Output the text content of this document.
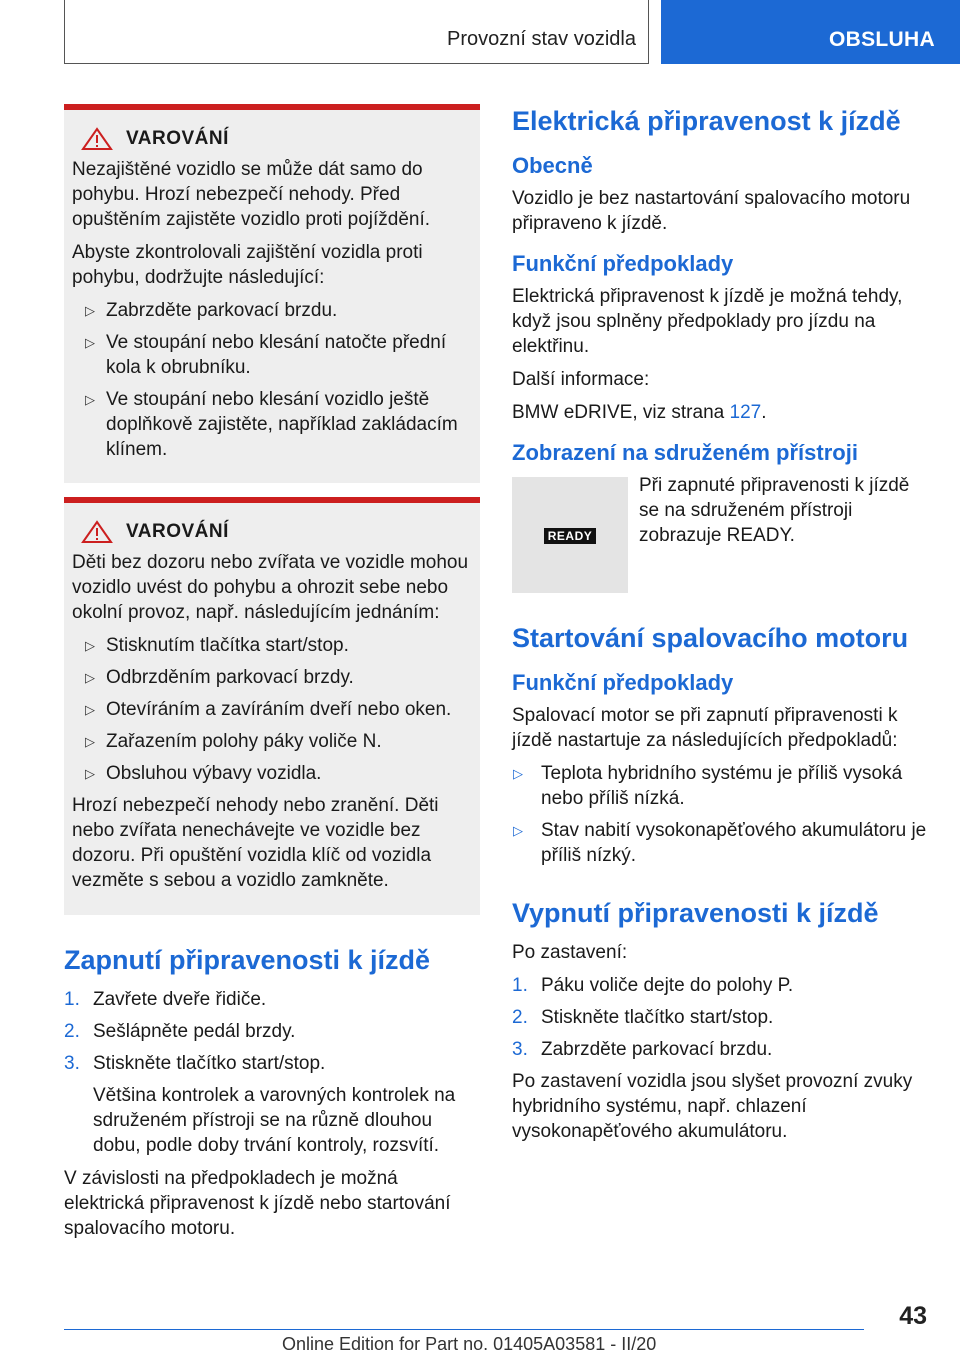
Provozní stav vozidla	OBSLUHA
VAROVÁNÍ

Nezajištěné vozidlo se může dát samo do pohybu. Hrozí nebezpečí nehody. Před opuštěním zajistěte vozidlo proti pojíždění.

Abyste zkontrolovali zajištění vozidla proti pohybu, dodržujte následující:

▷ Zabrzděte parkovací brzdu.
▷ Ve stoupání nebo klesání natočte přední kola k obrubníku.
▷ Ve stoupání nebo klesání vozidlo ještě doplňkově zajistěte, například zakládacím klínem.
VAROVÁNÍ

Děti bez dozoru nebo zvířata ve vozidle mohou vozidlo uvést do pohybu a ohrozit sebe nebo okolní provoz, např. následujícím jednáním:

▷ Stisknutím tlačítka start/stop.
▷ Odbrzděním parkovací brzdy.
▷ Otevíráním a zavíráním dveří nebo oken.
▷ Zařazením polohy páky voliče N.
▷ Obsluhou výbavy vozidla.

Hrozí nebezpečí nehody nebo zranění. Děti nebo zvířata nenechávejte ve vozidle bez dozoru. Při opuštění vozidla klíč od vozidla vezměte s sebou a vozidlo zamkněte.

Zapnutí připravenosti k jízdě
1. Zavřete dveře řidiče.
2. Sešlápněte pedál brzdy.
3. Stiskněte tlačítko start/stop.

Většina kontrolek a varovných kontrolek na sdruženém přístroji se na různě dlouhou dobu, podle doby trvání kontroly, rozsvítí.

V závislosti na předpokladech je možná elektrická připravenost k jízdě nebo startování spalovacího motoru.

Elektrická připravenost k jízdě
Obecně

Vozidlo je bez nastartování spalovacího motoru připraveno k jízdě.

Funkční předpoklady

Elektrická připravenost k jízdě je možná tehdy, když jsou splněny předpoklady pro jízdu na elektřinu.

Další informace:

BMW eDRIVE, viz strana 127.

Zobrazení na sdruženém přístroji
READY

Při zapnuté připravenosti k jízdě se na sdruženém přístroji zobrazuje READY.

Startování spalovacího motoru
Funkční předpoklady

Spalovací motor se při zapnutí připravenosti k jízdě nastartuje za následujících předpokladů:

▷ Teplota hybridního systému je příliš vysoká nebo příliš nízká.
▷ Stav nabití vysokonapěťového akumulátoru je příliš nízký.
Vypnutí připravenosti k jízdě

Po zastavení:

1. Páku voliče dejte do polohy P.
2. Stiskněte tlačítko start/stop.
3. Zabrzděte parkovací brzdu.

Po zastavení vozidla jsou slyšet provozní zvuky hybridního systému, např. chlazení vysokonapěťového akumulátoru.

43
Online Edition for Part no. 01405A03581 - II/20
